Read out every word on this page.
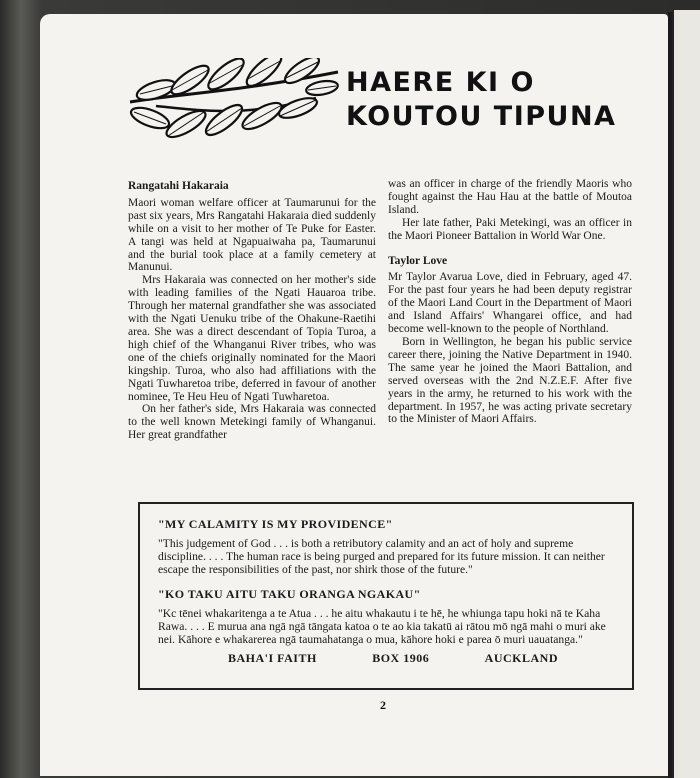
HAERE KI O
KOUTOU TIPUNA
Rangatahi Hakaraia

Maori woman welfare officer at Taumarunui for the past six years, Mrs Rangatahi Hakaraia died suddenly while on a visit to her mother of Te Puke for Easter. A tangi was held at Ngapuaiwaha pa, Taumarunui and the burial took place at a family cemetery at Manunui.

Mrs Hakaraia was connected on her mother's side with leading families of the Ngati Hauaroa tribe. Through her maternal grandfather she was associated with the Ngati Uenuku tribe of the Ohakune-Raetihi area. She was a direct descendant of Topia Turoa, a high chief of the Whanganui River tribes, who was one of the chiefs originally nominated for the Maori kingship. Turoa, who also had affiliations with the Ngati Tuwharetoa tribe, deferred in favour of another nominee, Te Heu Heu of Ngati Tuwharetoa.

On her father's side, Mrs Hakaraia was connected to the well known Metekingi family of Whanganui. Her great grandfather

was an officer in charge of the friendly Maoris who fought against the Hau Hau at the battle of Moutoa Island.

Her late father, Paki Metekingi, was an officer in the Maori Pioneer Battalion in World War One.

Taylor Love

Mr Taylor Avarua Love, died in February, aged 47. For the past four years he had been deputy registrar of the Maori Land Court in the Department of Maori and Island Affairs' Whangarei office, and had become well-known to the people of Northland.

Born in Wellington, he began his public service career there, joining the Native Department in 1940. The same year he joined the Maori Battalion, and served overseas with the 2nd N.Z.E.F. After five years in the army, he returned to his work with the department. In 1957, he was acting private secretary to the Minister of Maori Affairs.

"MY CALAMITY IS MY PROVIDENCE"

"This judgement of God . . . is both a retributory calamity and an act of holy and supreme discipline. . . . The human race is being purged and prepared for its future mission. It can neither escape the responsibilities of the past, nor shirk those of the future."

"KO TAKU AITU TAKU ORANGA NGAKAU"

"Kc tēnei whakaritenga a te Atua . . . he aitu whakautu i te hē, he whiunga tapu hoki nā te Kaha Rawa. . . . E murua ana ngā ngā tāngata katoa o te ao kia takatū ai rātou mō ngā mahi o muri ake nei. Kāhore e whakarerea ngā taumahatanga o mua, kāhore hoki e parea ō muri uauatanga."

BAHA'I FAITH	BOX 1906	AUCKLAND
2
